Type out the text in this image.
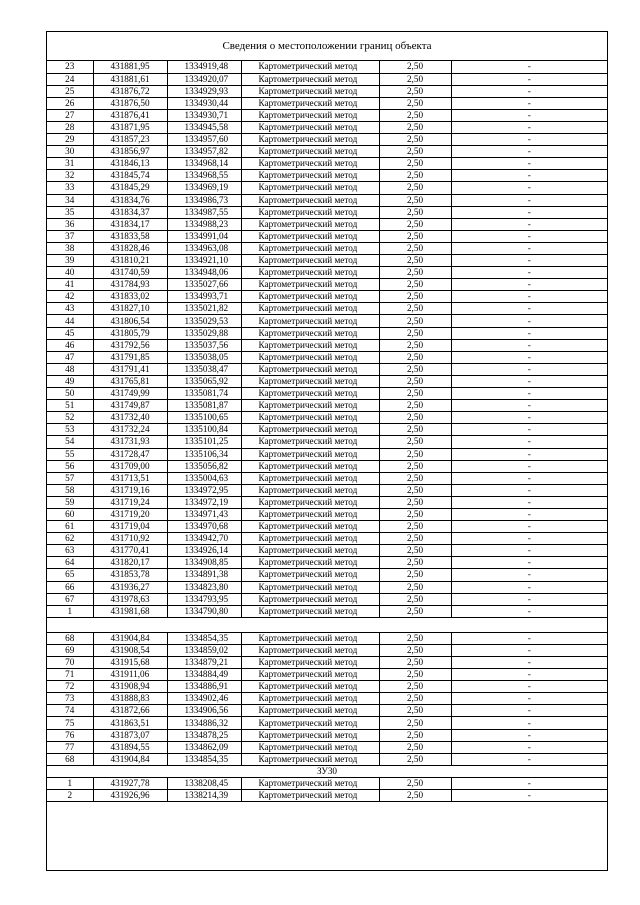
Сведения о местоположении границ объекта
23	431881,95	1334919,48	Картометрический метод	2,50	-
24	431881,61	1334920,07	Картометрический метод	2,50	-
25	431876,72	1334929,93	Картометрический метод	2,50	-
26	431876,50	1334930,44	Картометрический метод	2,50	-
27	431876,41	1334930,71	Картометрический метод	2,50	-
28	431871,95	1334945,58	Картометрический метод	2,50	-
29	431857,23	1334957,60	Картометрический метод	2,50	-
30	431856,97	1334957,82	Картометрический метод	2,50	-
31	431846,13	1334968,14	Картометрический метод	2,50	-
32	431845,74	1334968,55	Картометрический метод	2,50	-
33	431845,29	1334969,19	Картометрический метод	2,50	-
34	431834,76	1334986,73	Картометрический метод	2,50	-
35	431834,37	1334987,55	Картометрический метод	2,50	-
36	431834,17	1334988,23	Картометрический метод	2,50	-
37	431833,58	1334991,04	Картометрический метод	2,50	-
38	431828,46	1334963,08	Картометрический метод	2,50	-
39	431810,21	1334921,10	Картометрический метод	2,50	-
40	431740,59	1334948,06	Картометрический метод	2,50	-
41	431784,93	1335027,66	Картометрический метод	2,50	-
42	431833,02	1334993,71	Картометрический метод	2,50	-
43	431827,10	1335021,82	Картометрический метод	2,50	-
44	431806,54	1335029,53	Картометрический метод	2,50	-
45	431805,79	1335029,88	Картометрический метод	2,50	-
46	431792,56	1335037,56	Картометрический метод	2,50	-
47	431791,85	1335038,05	Картометрический метод	2,50	-
48	431791,41	1335038,47	Картометрический метод	2,50	-
49	431765,81	1335065,92	Картометрический метод	2,50	-
50	431749,99	1335081,74	Картометрический метод	2,50	-
51	431749,87	1335081,87	Картометрический метод	2,50	-
52	431732,40	1335100,65	Картометрический метод	2,50	-
53	431732,24	1335100,84	Картометрический метод	2,50	-
54	431731,93	1335101,25	Картометрический метод	2,50	-
55	431728,47	1335106,34	Картометрический метод	2,50	-
56	431709,00	1335056,82	Картометрический метод	2,50	-
57	431713,51	1335004,63	Картометрический метод	2,50	-
58	431719,16	1334972,95	Картометрический метод	2,50	-
59	431719,24	1334972,19	Картометрический метод	2,50	-
60	431719,20	1334971,43	Картометрический метод	2,50	-
61	431719,04	1334970,68	Картометрический метод	2,50	-
62	431710,92	1334942,70	Картометрический метод	2,50	-
63	431770,41	1334926,14	Картометрический метод	2,50	-
64	431820,17	1334908,85	Картометрический метод	2,50	-
65	431853,78	1334891,38	Картометрический метод	2,50	-
66	431936,27	1334823,80	Картометрический метод	2,50	-
67	431978,63	1334793,95	Картометрический метод	2,50	-
1	431981,68	1334790,80	Картометрический метод	2,50	-

68	431904,84	1334854,35	Картометрический метод	2,50	-
69	431908,54	1334859,02	Картометрический метод	2,50	-
70	431915,68	1334879,21	Картометрический метод	2,50	-
71	431911,06	1334884,49	Картометрический метод	2,50	-
72	431908,94	1334886,91	Картометрический метод	2,50	-
73	431888,83	1334902,46	Картометрический метод	2,50	-
74	431872,66	1334906,56	Картометрический метод	2,50	-
75	431863,51	1334886,32	Картометрический метод	2,50	-
76	431873,07	1334878,25	Картометрический метод	2,50	-
77	431894,55	1334862,09	Картометрический метод	2,50	-
68	431904,84	1334854,35	Картометрический метод	2,50	-
ЗУ30					
1	431927,78	1338208,45	Картометрический метод	2,50	-
2	431926,96	1338214,39	Картометрический метод	2,50	-
